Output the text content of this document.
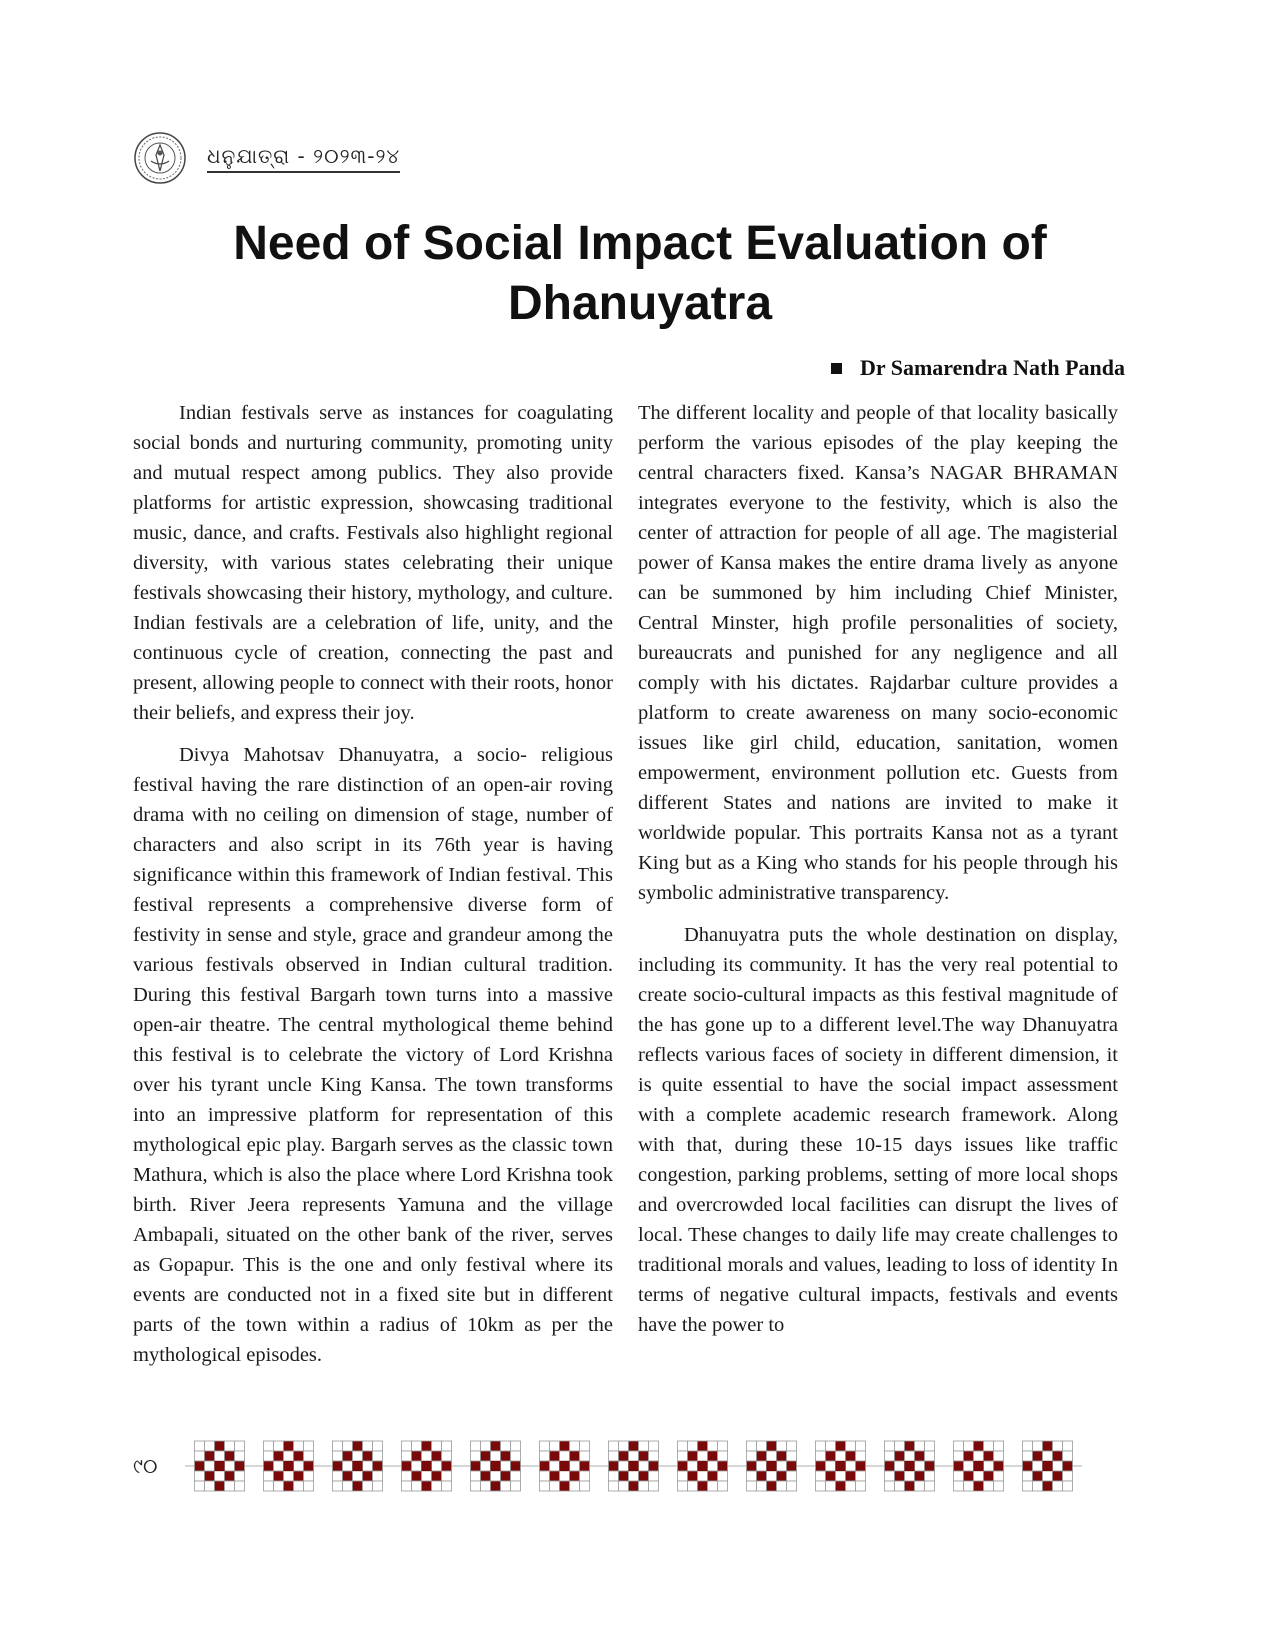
ଧନୁଯାତ୍ରା - ୨୦୨୩-୨୪
Need of Social Impact Evaluation of Dhanuyatra
Dr Samarendra Nath Panda

Indian festivals serve as instances for coagulating social bonds and nurturing community, promoting unity and mutual respect among publics. They also provide platforms for artistic expression, showcasing traditional music, dance, and crafts. Festivals also highlight regional diversity, with various states celebrating their unique festivals showcasing their history, mythology, and culture. Indian festivals are a celebration of life, unity, and the continuous cycle of creation, connecting the past and present, allowing people to connect with their roots, honor their beliefs, and express their joy.

Divya Mahotsav Dhanuyatra, a socio- religious festival having the rare distinction of an open-air roving drama with no ceiling on dimension of stage, number of characters and also script in its 76th year is having significance within this framework of Indian festival. This festival represents a comprehensive diverse form of festivity in sense and style, grace and grandeur among the various festivals observed in Indian cultural tradition. During this festival Bargarh town turns into a massive open-air theatre. The central mythological theme behind this festival is to celebrate the victory of Lord Krishna over his tyrant uncle King Kansa. The town transforms into an impressive platform for representation of this mythological epic play. Bargarh serves as the classic town Mathura, which is also the place where Lord Krishna took birth. River Jeera represents Yamuna and the village Ambapali, situated on the other bank of the river, serves as Gopapur. This is the one and only festival where its events are conducted not in a fixed site but in different parts of the town within a radius of 10km as per the mythological episodes.

The different locality and people of that locality basically perform the various episodes of the play keeping the central characters fixed. Kansa’s NAGAR BHRAMAN integrates everyone to the festivity, which is also the center of attraction for people of all age. The magisterial power of Kansa makes the entire drama lively as anyone can be summoned by him including Chief Minister, Central Minster, high profile personalities of society, bureaucrats and punished for any negligence and all comply with his dictates. Rajdarbar culture provides a platform to create awareness on many socio-economic issues like girl child, education, sanitation, women empowerment, environment pollution etc. Guests from different States and nations are invited to make it worldwide popular. This portraits Kansa not as a tyrant King but as a King who stands for his people through his symbolic administrative transparency.

Dhanuyatra puts the whole destination on display, including its community. It has the very real potential to create socio-cultural impacts as this festival magnitude of the has gone up to a different level.The way Dhanuyatra reflects various faces of society in different dimension, it is quite essential to have the social impact assessment with a complete academic research framework. Along with that, during these 10-15 days issues like traffic congestion, parking problems, setting of more local shops and overcrowded local facilities can disrupt the lives of local. These changes to daily life may create challenges to traditional morals and values, leading to loss of identity In terms of negative cultural impacts, festivals and events have the power to

୯୦
